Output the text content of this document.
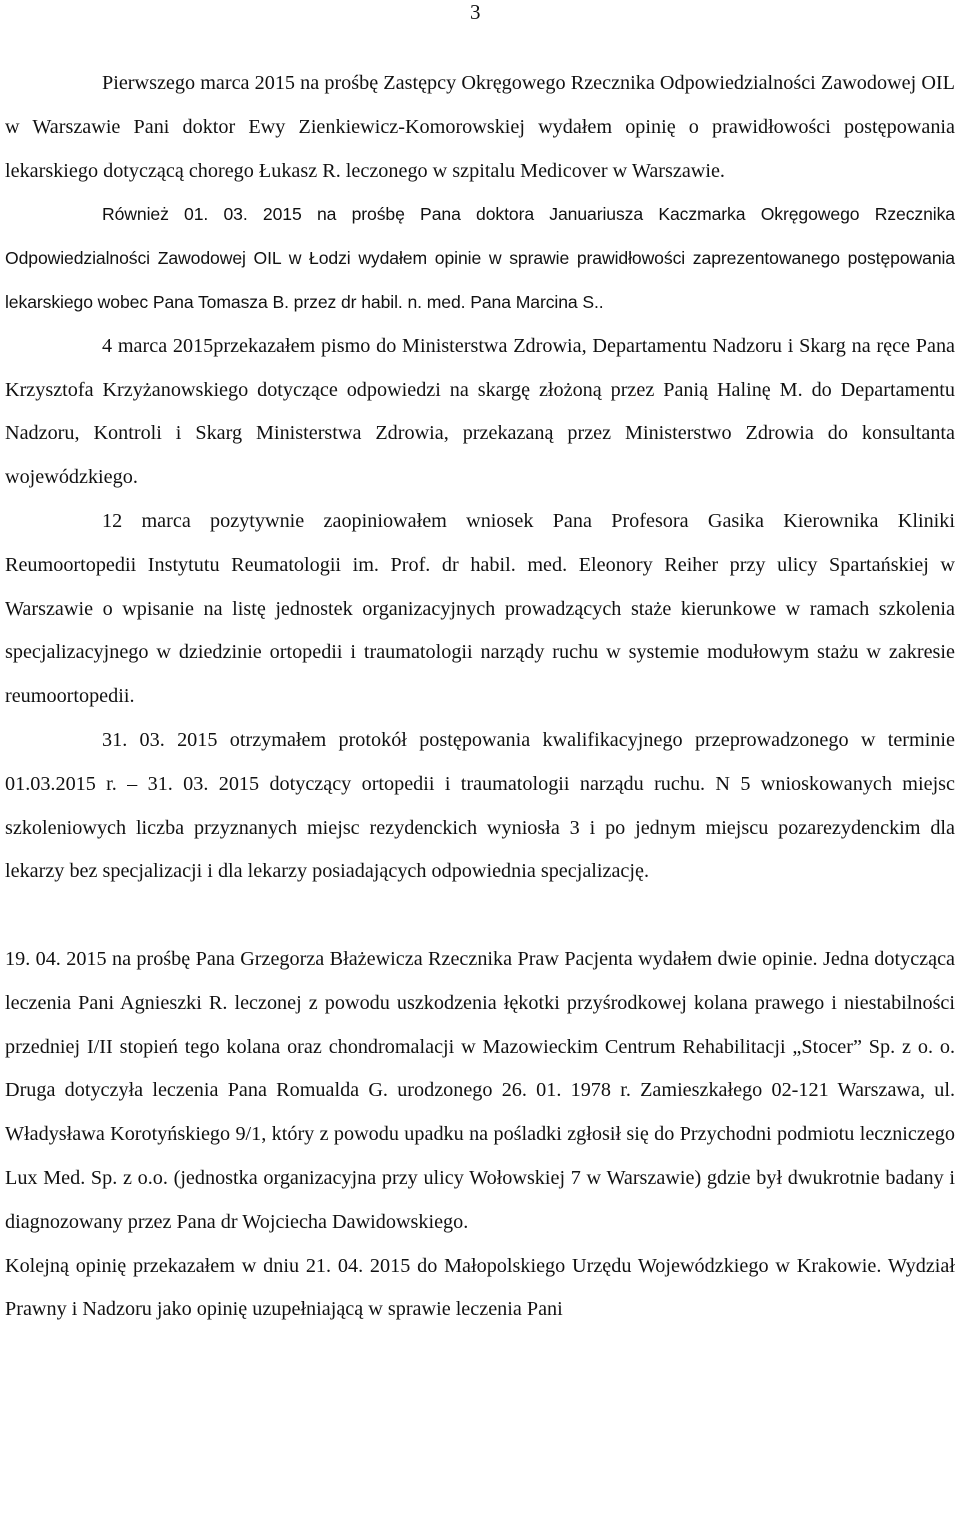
3

Pierwszego marca 2015 na prośbę Zastępcy Okręgowego Rzecznika Odpowiedzialności Zawodowej OIL w Warszawie Pani doktor Ewy Zienkiewicz-Komorowskiej wydałem opinię o prawidłowości postępowania lekarskiego dotyczącą chorego Łukasz R. leczonego w szpitalu Medicover w Warszawie.

Również 01. 03. 2015 na prośbę Pana doktora Januariusza Kaczmarka Okręgowego Rzecznika Odpowiedzialności Zawodowej OIL w Łodzi wydałem opinie w sprawie prawidłowości zaprezentowanego postępowania lekarskiego wobec Pana Tomasza B. przez dr habil. n. med. Pana Marcina S..

4 marca 2015przekazałem pismo do Ministerstwa Zdrowia, Departamentu Nadzoru i Skarg na ręce Pana Krzysztofa Krzyżanowskiego dotyczące odpowiedzi na skargę złożoną przez Panią Halinę M. do Departamentu Nadzoru, Kontroli i Skarg Ministerstwa Zdrowia, przekazaną przez Ministerstwo Zdrowia do konsultanta wojewódzkiego.

12 marca pozytywnie zaopiniowałem wniosek Pana Profesora Gasika Kierownika Kliniki Reumoortopedii Instytutu Reumatologii im. Prof. dr habil. med. Eleonory Reiher przy ulicy Spartańskiej w Warszawie o wpisanie na listę jednostek organizacyjnych prowadzących staże kierunkowe w ramach szkolenia specjalizacyjnego w dziedzinie ortopedii i traumatologii narządy ruchu w systemie modułowym stażu w zakresie reumoortopedii.

31. 03. 2015 otrzymałem protokół postępowania kwalifikacyjnego przeprowadzonego w terminie 01.03.2015 r. – 31. 03. 2015 dotyczący ortopedii i traumatologii narządu ruchu. N 5 wnioskowanych miejsc szkoleniowych liczba przyznanych miejsc rezydenckich wyniosła 3 i po jednym miejscu pozarezydenckim dla lekarzy bez specjalizacji i dla lekarzy posiadających odpowiednia specjalizację.

19. 04. 2015 na prośbę Pana Grzegorza Błażewicza Rzecznika Praw Pacjenta wydałem dwie opinie. Jedna dotycząca leczenia Pani Agnieszki R. leczonej z powodu uszkodzenia łękotki przyśrodkowej kolana prawego i niestabilności przedniej I/II stopień tego kolana oraz chondromalacji w Mazowieckim Centrum Rehabilitacji „Stocer” Sp. z o. o. Druga dotyczyła leczenia Pana Romualda G. urodzonego 26. 01. 1978 r. Zamieszkałego 02-121 Warszawa, ul. Władysława Korotyńskiego 9/1, który z powodu upadku na pośladki zgłosił się do Przychodni podmiotu leczniczego Lux Med. Sp. z o.o. (jednostka organizacyjna przy ulicy Wołowskiej 7 w Warszawie) gdzie był dwukrotnie badany i diagnozowany przez Pana dr Wojciecha Dawidowskiego.

Kolejną opinię przekazałem w dniu 21. 04. 2015 do Małopolskiego Urzędu Wojewódzkiego w Krakowie. Wydział Prawny i Nadzoru jako opinię uzupełniającą w sprawie leczenia Pani
